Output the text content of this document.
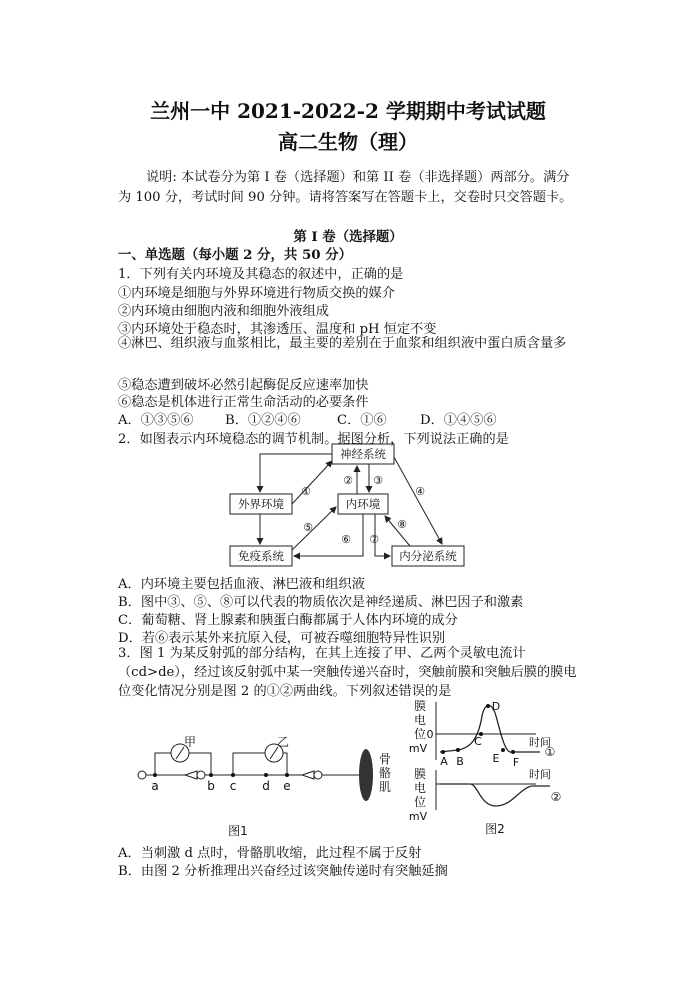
兰州一中 2021-2022-2 学期期中考试试题
高二生物（理）
说明: 本试卷分为第 I 卷（选择题）和第 II 卷（非选择题）两部分。满分为 100 分，考试时间 90 分钟。请将答案写在答题卡上，交卷时只交答题卡。
第 I 卷（选择题）
一、单选题（每小题 2 分，共 50 分）
1．下列有关内环境及其稳态的叙述中，正确的是
①内环境是细胞与外界环境进行物质交换的媒介
②内环境由细胞内液和细胞外液组成
③内环境处于稳态时，其渗透压、温度和 pH 恒定不变
④淋巴、组织液与血浆相比，最主要的差别在于血浆和组织液中蛋白质含量多
⑤稳态遭到破坏必然引起酶促反应速率加快
⑥稳态是机体进行正常生命活动的必要条件
A．①③⑤⑥ B．①②④⑥	C．①⑥	D．①④⑤⑥
2．如图表示内环境稳态的调节机制。据图分析，下列说法正确的是
神经系统
外界环境	内环境
免疫系统	内分泌系统
①
② ③
④
⑤
⑥ ⑦
⑧
A．内环境主要包括血液、淋巴液和组织液
B．图中③、⑤、⑧可以代表的物质依次是神经递质、淋巴因子和激素
C．葡萄糖、肾上腺素和胰蛋白酶都属于人体内环境的成分
D．若⑥表示某外来抗原入侵，可被吞噬细胞特异性识别
3．图 1 为某反射弧的部分结构，在其上连接了甲、乙两个灵敏电流计（cd>de），经过该反射弧中某一突触传递兴奋时，突触前膜和突触后膜的膜电位变化情况分别是图 2 的①②两曲线。下列叙述错误的是
甲	乙
a	b c d e
骨
骼
肌
图1
膜
电
位
mV
0
时间
A B
C
D
E F
①
膜
电
位
mV
时间
②
图2
A．当刺激 d 点时，骨骼肌收缩，此过程不属于反射
B．由图 2 分析推理出兴奋经过该突触传递时有突触延搁
